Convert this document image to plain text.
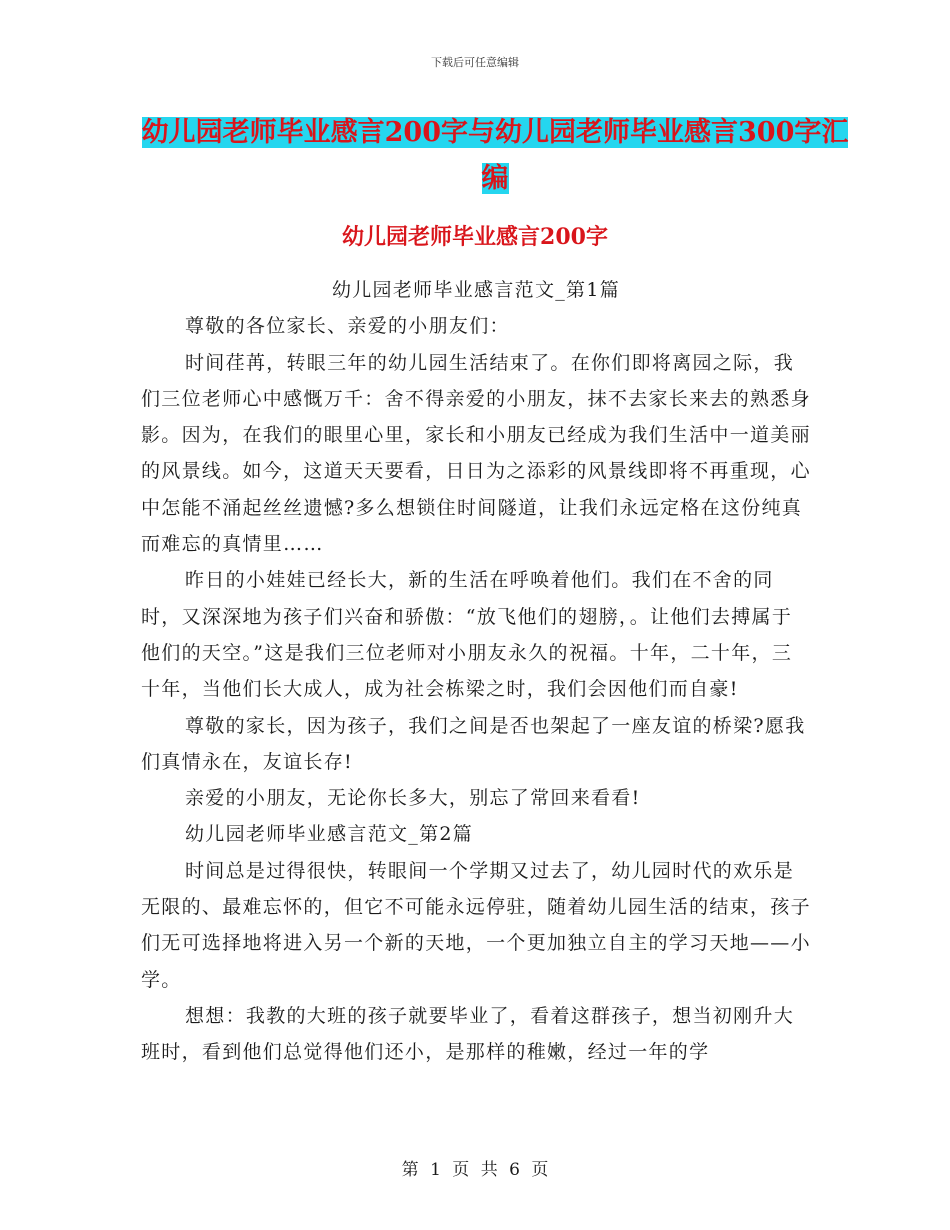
下载后可任意编辑
幼儿园老师毕业感言200字与幼儿园老师毕业感言300字汇编
幼儿园老师毕业感言200字

幼儿园老师毕业感言范文_第1篇

尊敬的各位家长、亲爱的小朋友们：

时间荏苒，转眼三年的幼儿园生活结束了。在你们即将离园之际，我们三位老师心中感慨万千：舍不得亲爱的小朋友，抹不去家长来去的熟悉身影。因为，在我们的眼里心里，家长和小朋友已经成为我们生活中一道美丽的风景线。如今，这道天天要看，日日为之添彩的风景线即将不再重现，心中怎能不涌起丝丝遗憾?多么想锁住时间隧道，让我们永远定格在这份纯真而难忘的真情里……

昨日的小娃娃已经长大，新的生活在呼唤着他们。我们在不舍的同时，又深深地为孩子们兴奋和骄傲：“放飞他们的翅膀，。让他们去搏属于他们的天空。”这是我们三位老师对小朋友永久的祝福。十年，二十年，三十年，当他们长大成人，成为社会栋梁之时，我们会因他们而自豪!

尊敬的家长，因为孩子，我们之间是否也架起了一座友谊的桥梁?愿我们真情永在，友谊长存!

亲爱的小朋友，无论你长多大，别忘了常回来看看!

幼儿园老师毕业感言范文_第2篇

时间总是过得很快，转眼间一个学期又过去了，幼儿园时代的欢乐是无限的、最难忘怀的，但它不可能永远停驻，随着幼儿园生活的结束，孩子们无可选择地将进入另一个新的天地，一个更加独立自主的学习天地——小学。

想想：我教的大班的孩子就要毕业了，看着这群孩子，想当初刚升大班时，看到他们总觉得他们还小，是那样的稚嫩，经过一年的学

第 1 页 共 6 页
